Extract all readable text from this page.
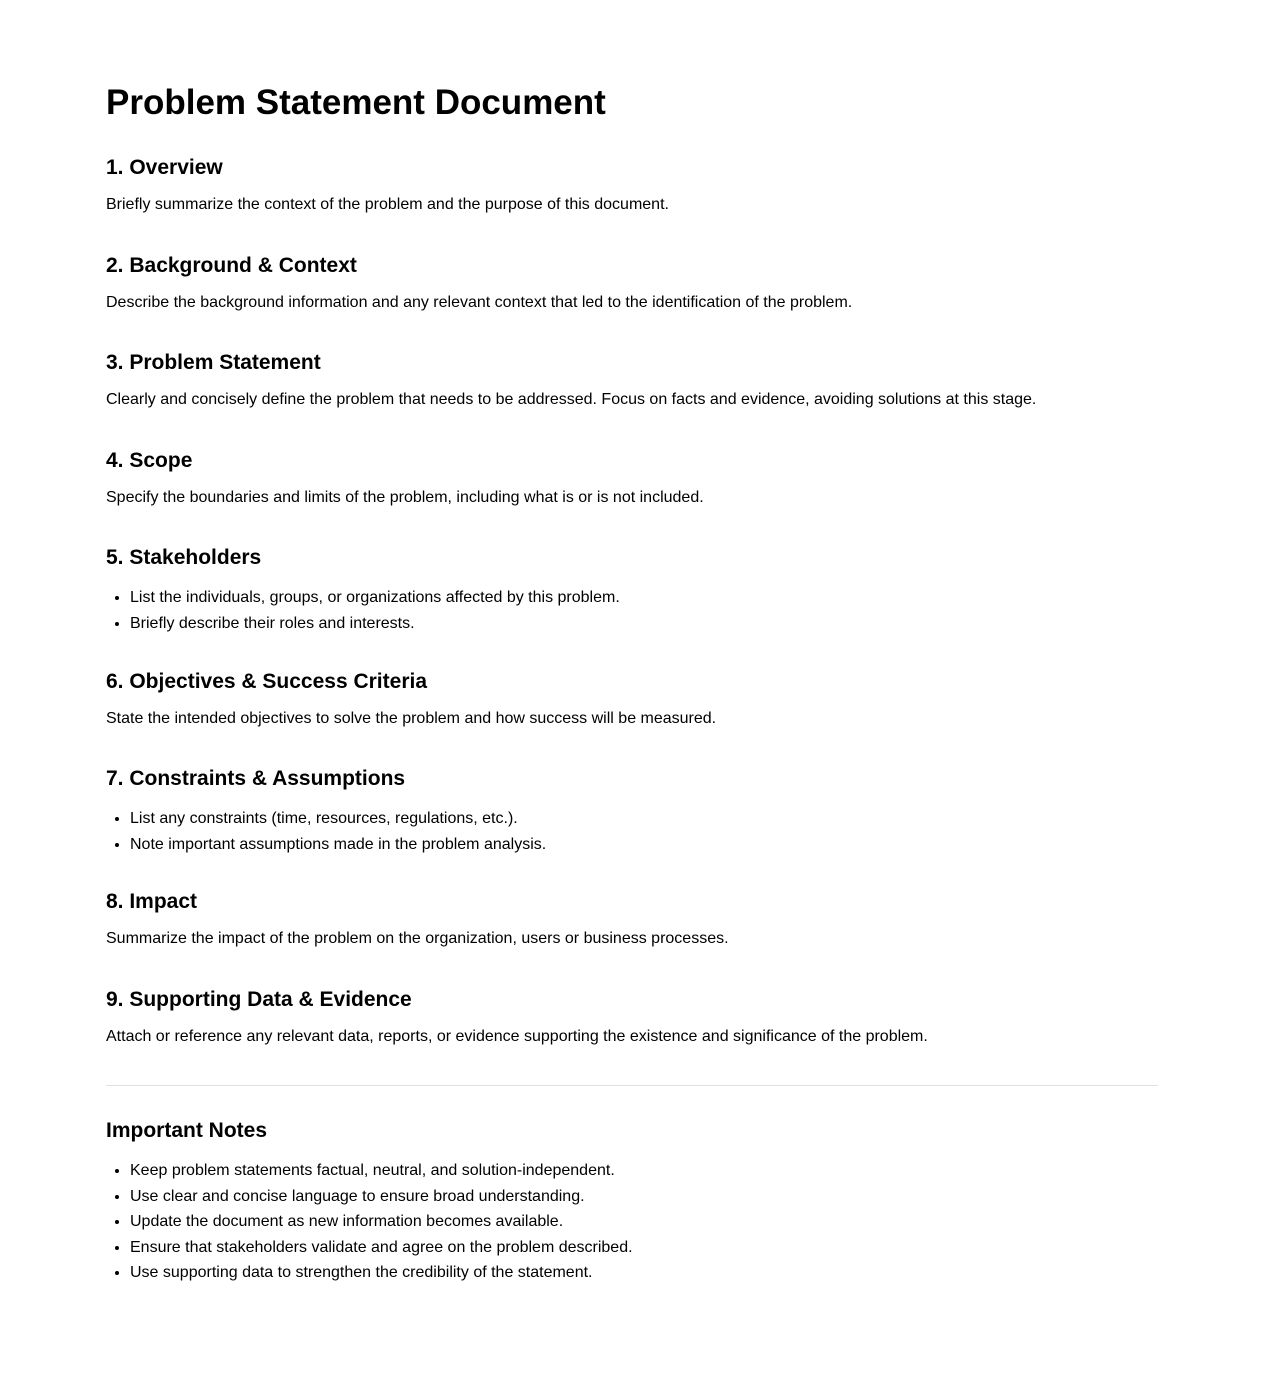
Problem Statement Document
1. Overview

Briefly summarize the context of the problem and the purpose of this document.

2. Background & Context

Describe the background information and any relevant context that led to the identification of the problem.

3. Problem Statement

Clearly and concisely define the problem that needs to be addressed. Focus on facts and evidence, avoiding solutions at this stage.

4. Scope

Specify the boundaries and limits of the problem, including what is or is not included.

5. Stakeholders
• List the individuals, groups, or organizations affected by this problem.
• Briefly describe their roles and interests.
6. Objectives & Success Criteria

State the intended objectives to solve the problem and how success will be measured.

7. Constraints & Assumptions
• List any constraints (time, resources, regulations, etc.).
• Note important assumptions made in the problem analysis.
8. Impact

Summarize the impact of the problem on the organization, users or business processes.

9. Supporting Data & Evidence

Attach or reference any relevant data, reports, or evidence supporting the existence and significance of the problem.

Important Notes
• Keep problem statements factual, neutral, and solution-independent.
• Use clear and concise language to ensure broad understanding.
• Update the document as new information becomes available.
• Ensure that stakeholders validate and agree on the problem described.
• Use supporting data to strengthen the credibility of the statement.
